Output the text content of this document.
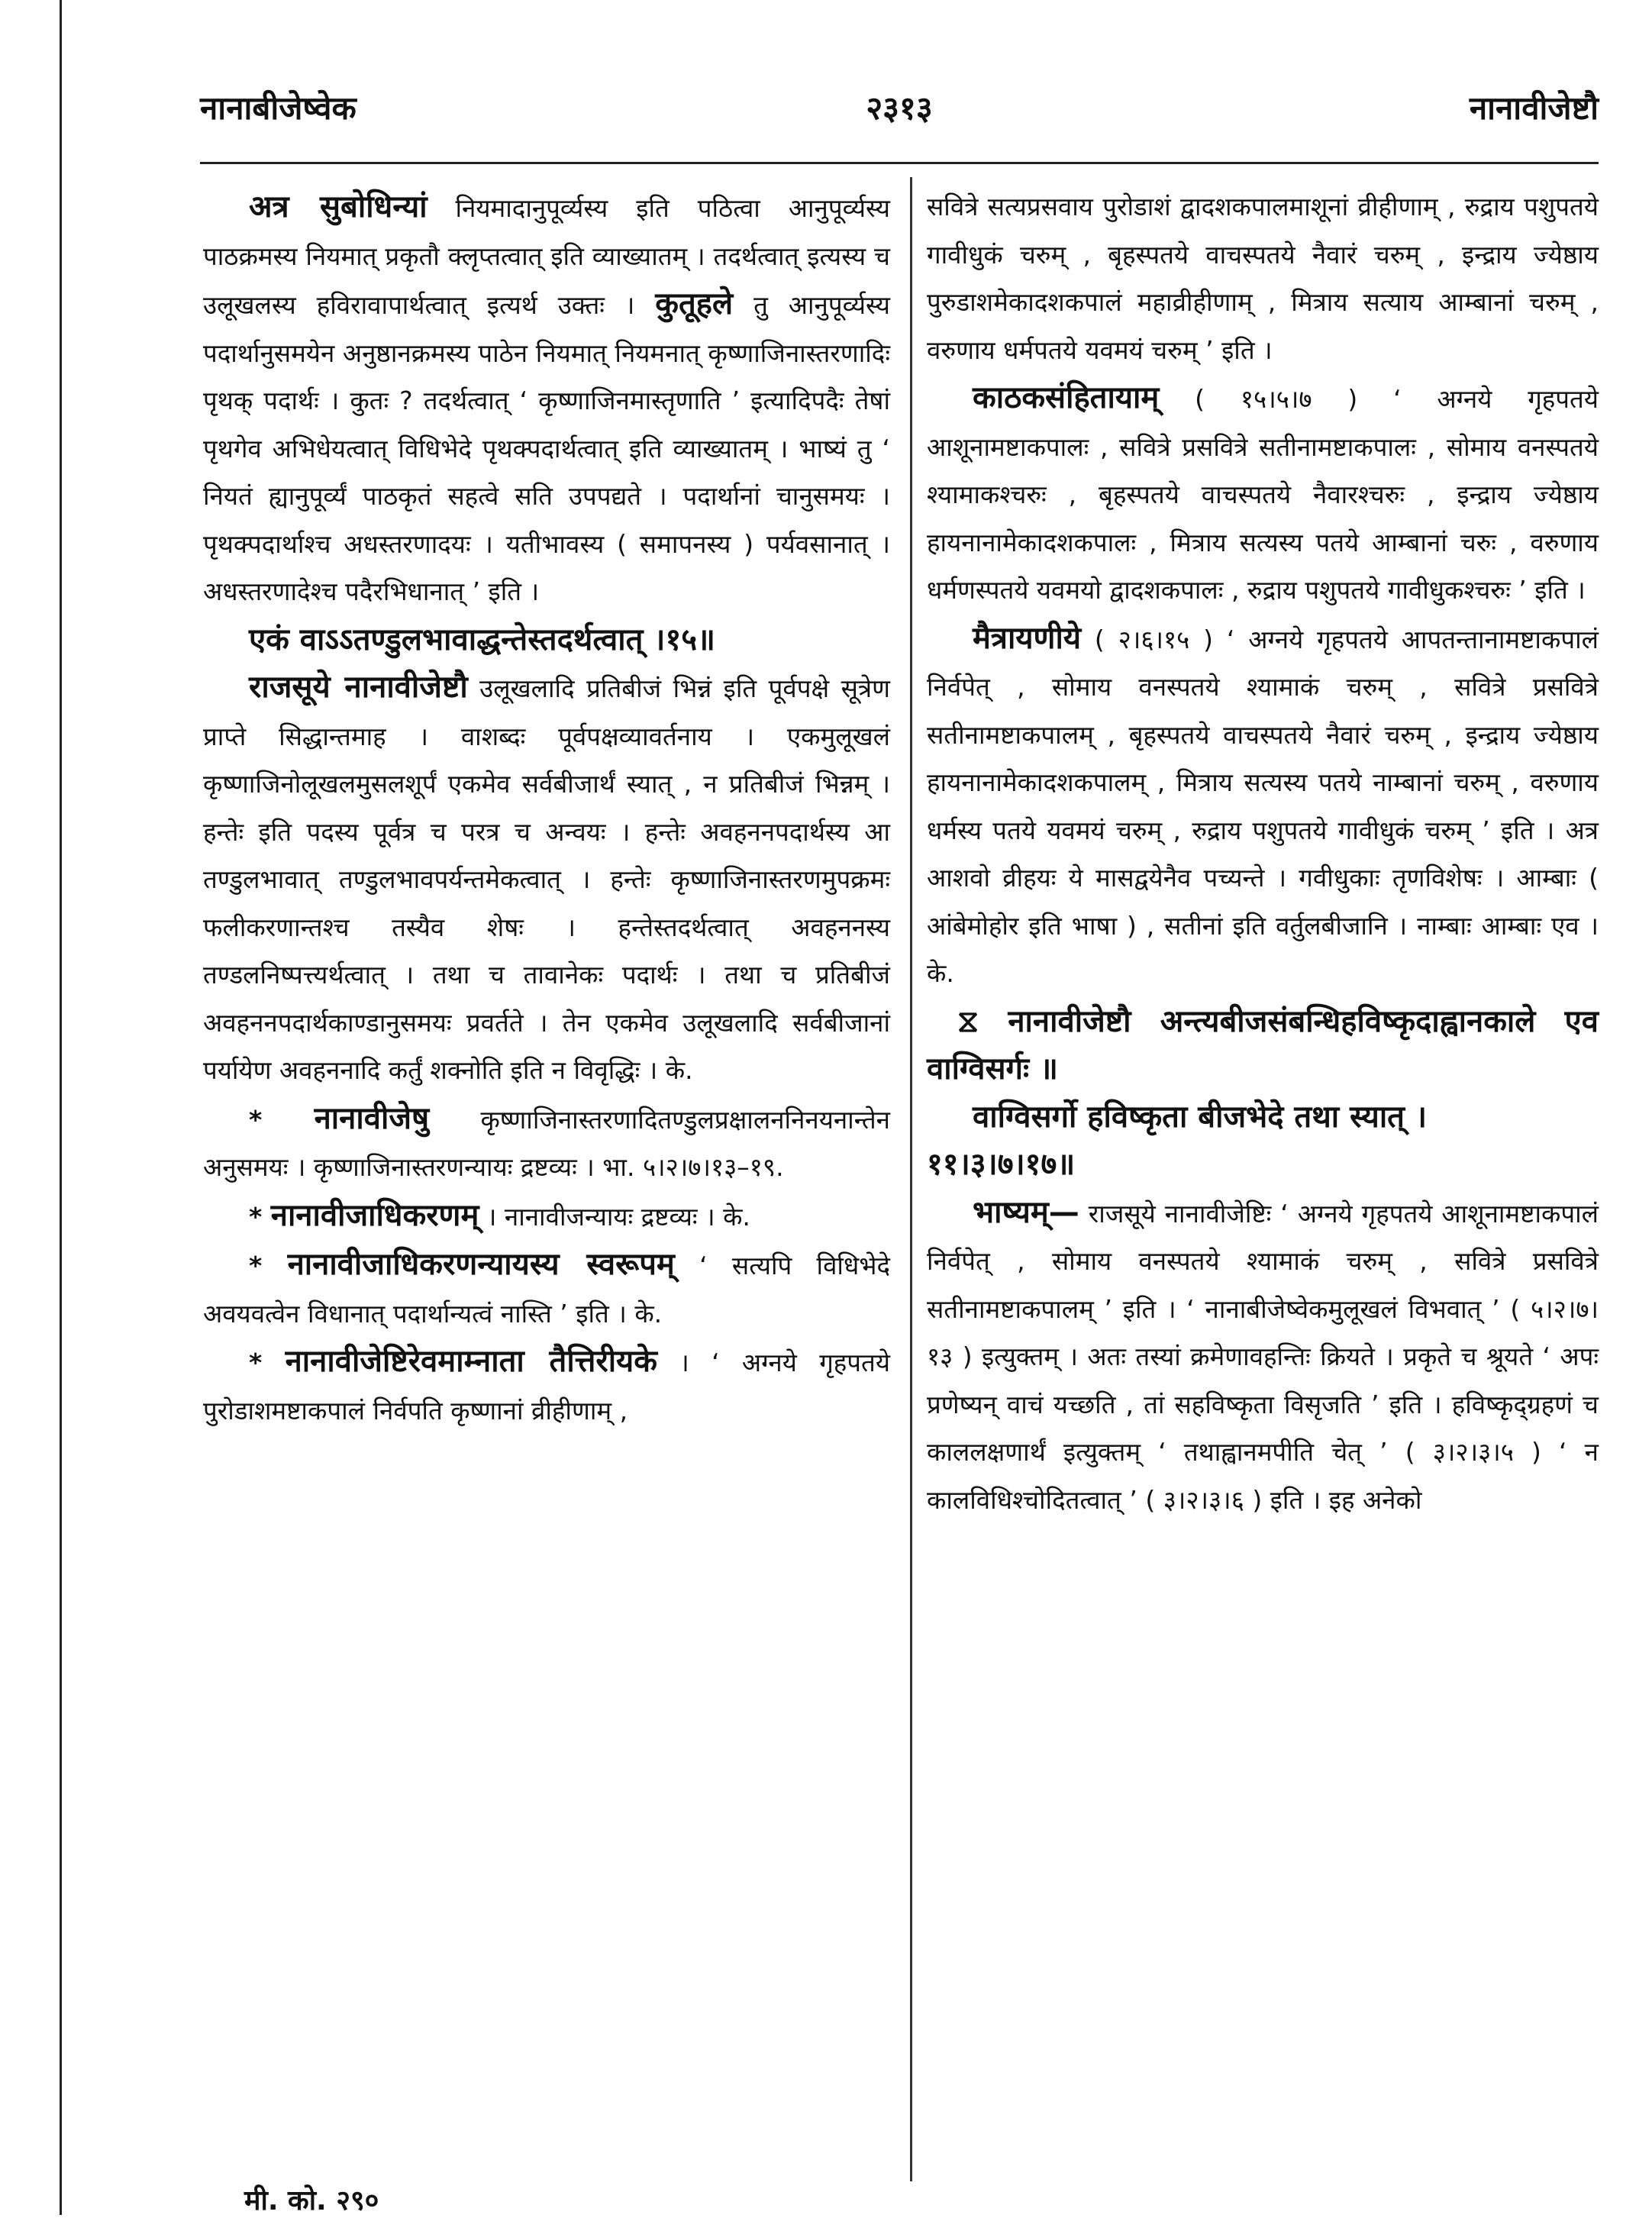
नानाबीजेष्वेक	२३१३	नानावीजेष्टौ

अत्र सुबोधिन्यां नियमादानुपूर्व्यस्य इति पठित्वा आनुपूर्व्यस्य पाठक्रमस्य नियमात् प्रकृतौ क्लृप्तत्वात् इति व्याख्यातम् । तदर्थत्वात् इत्यस्य च उलूखलस्य हविरावापार्थत्वात् इत्यर्थ उक्तः । कुतूहले तु आनुपूर्व्यस्य पदार्थानुसमयेन अनुष्ठानक्रमस्य पाठेन नियमात् नियमनात् कृष्णाजिनास्तरणादिः पृथक् पदार्थः । कुतः ? तदर्थत्वात् ‘ कृष्णाजिनमास्तृणाति ’ इत्यादिपदैः तेषां पृथगेव अभिधेयत्वात् विधिभेदे पृथक्पदार्थत्वात् इति व्याख्यातम् । भाष्यं तु ‘ नियतं ह्यानुपूर्व्यं पाठकृतं सहत्वे सति उपपद्यते । पदार्थानां चानुसमयः । पृथक्पदार्थाश्च अधस्तरणादयः । यतीभावस्य ( समापनस्य ) पर्यवसानात् । अधस्तरणादेश्च पदैरभिधानात् ’ इति ।

एकं वाऽऽतण्डुलभावाद्धन्तेस्तदर्थत्वात् ।१५॥

राजसूये नानावीजेष्टौ उलूखलादि प्रतिबीजं भिन्नं इति पूर्वपक्षे सूत्रेण प्राप्ते सिद्धान्तमाह । वाशब्दः पूर्वपक्षव्यावर्तनाय । एकमुलूखलं कृष्णाजिनोलूखलमुसलशूर्पं एकमेव सर्वबीजार्थं स्यात् , न प्रतिबीजं भिन्नम् । हन्तेः इति पदस्य पूर्वत्र च परत्र च अन्वयः । हन्तेः अवहननपदार्थस्य आ तण्डुलभावात् तण्डुलभावपर्यन्तमेकत्वात् । हन्तेः कृष्णाजिनास्तरणमुपक्रमः फलीकरणान्तश्च तस्यैव शेषः । हन्तेस्तदर्थत्वात् अवहननस्य तण्डलनिष्पत्त्यर्थत्वात् । तथा च तावानेकः पदार्थः । तथा च प्रतिबीजं अवहननपदार्थकाण्डानुसमयः प्रवर्तते । तेन एकमेव उलूखलादि सर्वबीजानां पर्यायेण अवहननादि कर्तुं शक्नोति इति न विवृद्धिः । के.

* नानावीजेषु कृष्णाजिनास्तरणादितण्डुलप्रक्षालननिनयनान्तेन अनुसमयः । कृष्णाजिनास्तरणन्यायः द्रष्टव्यः । भा. ५।२।७।१३–१९.

* नानावीजाधिकरणम् । नानावीजन्यायः द्रष्टव्यः । के.

* नानावीजाधिकरणन्यायस्य स्वरूपम् ‘ सत्यपि विधिभेदे अवयवत्वेन विधानात् पदार्थान्यत्वं नास्ति ’ इति । के.

* नानावीजेष्टिरेवमाम्नाता तैत्तिरीयके । ‘ अग्नये गृहपतये पुरोडाशमष्टाकपालं निर्वपति कृष्णानां व्रीहीणाम् ,

सवित्रे सत्यप्रसवाय पुरोडाशं द्वादशकपालमाशूनां व्रीहीणाम् , रुद्राय पशुपतये गावीधुकं चरुम् , बृहस्पतये वाचस्पतये नैवारं चरुम् , इन्द्राय ज्येष्ठाय पुरुडाशमेकादशकपालं महाव्रीहीणाम् , मित्राय सत्याय आम्बानां चरुम् , वरुणाय धर्मपतये यवमयं चरुम् ’ इति ।

काठकसंहितायाम् ( १५।५।७ ) ‘ अग्नये गृहपतये आशूनामष्टाकपालः , सवित्रे प्रसवित्रे सतीनामष्टाकपालः , सोमाय वनस्पतये श्यामाकश्चरुः , बृहस्पतये वाचस्पतये नैवारश्चरुः , इन्द्राय ज्येष्ठाय हायनानामेकादशकपालः , मित्राय सत्यस्य पतये आम्बानां चरुः , वरुणाय धर्मणस्पतये यवमयो द्वादशकपालः , रुद्राय पशुपतये गावीधुकश्चरुः ’ इति ।

मैत्रायणीये ( २।६।१५ ) ‘ अग्नये गृहपतये आपतन्तानामष्टाकपालं निर्वपेत् , सोमाय वनस्पतये श्यामाकं चरुम् , सवित्रे प्रसवित्रे सतीनामष्टाकपालम् , बृहस्पतये वाचस्पतये नैवारं चरुम् , इन्द्राय ज्येष्ठाय हायनानामेकादशकपालम् , मित्राय सत्यस्य पतये नाम्बानां चरुम् , वरुणाय धर्मस्य पतये यवमयं चरुम् , रुद्राय पशुपतये गावीधुकं चरुम् ’ इति । अत्र आशवो व्रीहयः ये मासद्वयेनैव पच्यन्ते । गवीधुकाः तृणविशेषः । आम्बाः ( आंबेमोहोर इति भाषा ) , सतीनां इति वर्तुलबीजानि । नाम्बाः आम्बाः एव । के.

⧖ नानावीजेष्टौ अन्त्यबीजसंबन्धिहविष्कृदाह्वानकाले एव वाग्विसर्गः ॥

वाग्विसर्गो हविष्कृता बीजभेदे तथा स्यात् ।
११।३।७।१७॥

भाष्यम्— राजसूये नानावीजेष्टिः ‘ अग्नये गृहपतये आशूनामष्टाकपालं निर्वपेत् , सोमाय वनस्पतये श्यामाकं चरुम् , सवित्रे प्रसवित्रे सतीनामष्टाकपालम् ’ इति । ‘ नानाबीजेष्वेकमुलूखलं विभवात् ’ ( ५।२।७।१३ ) इत्युक्तम् । अतः तस्यां क्रमेणावहन्तिः क्रियते । प्रकृते च श्रूयते ‘ अपः प्रणेष्यन् वाचं यच्छति , तां सहविष्कृता विसृजति ’ इति । हविष्कृद्ग्रहणं च काललक्षणार्थं इत्युक्तम् ‘ तथाह्वानमपीति चेत् ’ ( ३।२।३।५ ) ‘ न कालविधिश्चोदितत्वात् ’ ( ३।२।३।६ ) इति । इह अनेको

मी. को. २९०
